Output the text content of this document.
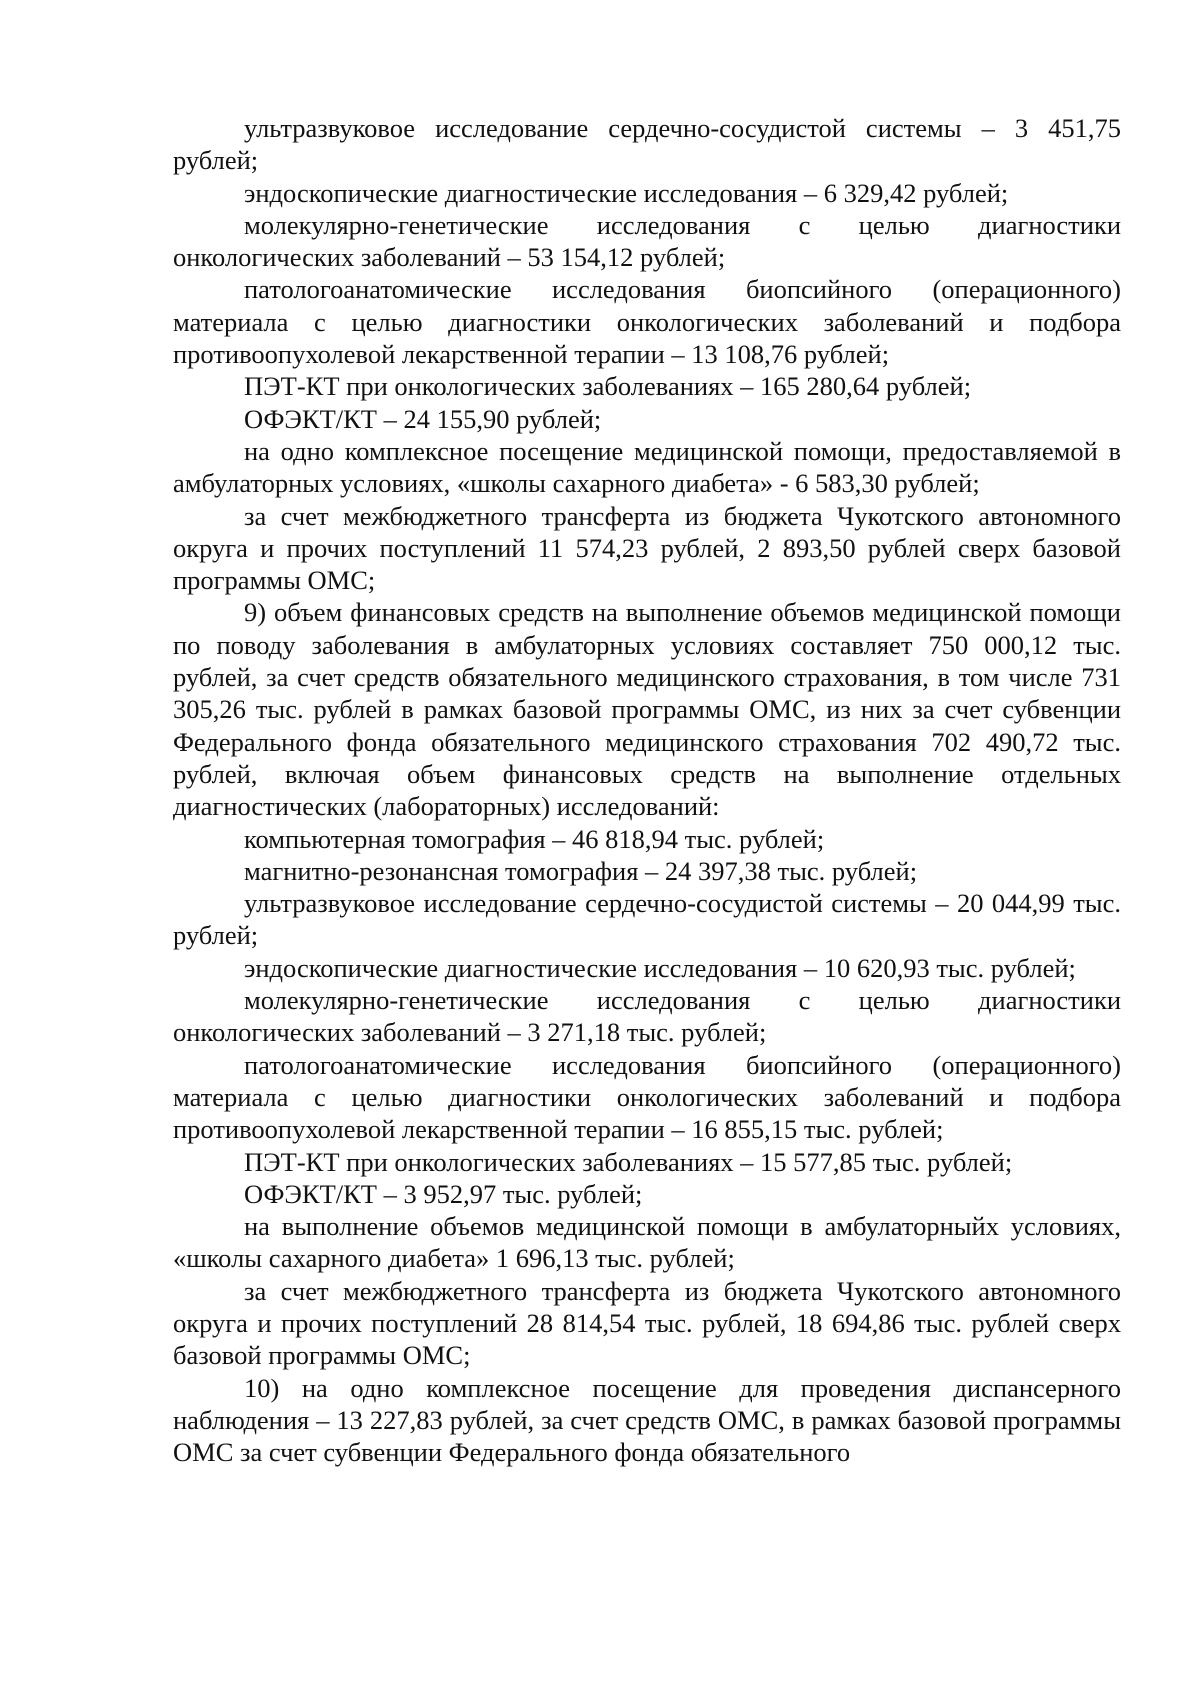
ультразвуковое исследование сердечно-сосудистой системы – 3 451,75 рублей;

эндоскопические диагностические исследования – 6 329,42 рублей;

молекулярно-генетические исследования с целью диагностики онкологических заболеваний – 53 154,12 рублей;

патологоанатомические исследования биопсийного (операционного) материала с целью диагностики онкологических заболеваний и подбора противоопухолевой лекарственной терапии – 13 108,76 рублей;

ПЭТ-КТ при онкологических заболеваниях – 165 280,64 рублей;

ОФЭКТ/КТ – 24 155,90 рублей;

на одно комплексное посещение медицинской помощи, предоставляемой в амбулаторных условиях, «школы сахарного диабета» - 6 583,30 рублей;

за счет межбюджетного трансферта из бюджета Чукотского автономного округа и прочих поступлений 11 574,23 рублей, 2 893,50 рублей сверх базовой программы ОМС;

9) объем финансовых средств на выполнение объемов медицинской помощи по поводу заболевания в амбулаторных условиях составляет 750 000,12 тыс. рублей, за счет средств обязательного медицинского страхования, в том числе 731 305,26 тыс. рублей в рамках базовой программы ОМС, из них за счет субвенции Федерального фонда обязательного медицинского страхования 702 490,72 тыс. рублей, включая объем финансовых средств на выполнение отдельных диагностических (лабораторных) исследований:

компьютерная томография – 46 818,94 тыс. рублей;

магнитно-резонансная томография – 24 397,38 тыс. рублей;

ультразвуковое исследование сердечно-сосудистой системы – 20 044,99 тыс. рублей;

эндоскопические диагностические исследования – 10 620,93 тыс. рублей;

молекулярно-генетические исследования с целью диагностики онкологических заболеваний – 3 271,18 тыс. рублей;

патологоанатомические исследования биопсийного (операционного) материала с целью диагностики онкологических заболеваний и подбора противоопухолевой лекарственной терапии – 16 855,15 тыс. рублей;

ПЭТ-КТ при онкологических заболеваниях – 15 577,85 тыс. рублей;

ОФЭКТ/КТ – 3 952,97 тыс. рублей;

на выполнение объемов медицинской помощи в амбулаторныйх условиях, «школы сахарного диабета» 1 696,13 тыс. рублей;

за счет межбюджетного трансферта из бюджета Чукотского автономного округа и прочих поступлений 28 814,54 тыс. рублей, 18 694,86 тыс. рублей сверх базовой программы ОМС;

10) на одно комплексное посещение для проведения диспансерного наблюдения – 13 227,83 рублей, за счет средств ОМС, в рамках базовой программы ОМС за счет субвенции Федерального фонда обязательного
